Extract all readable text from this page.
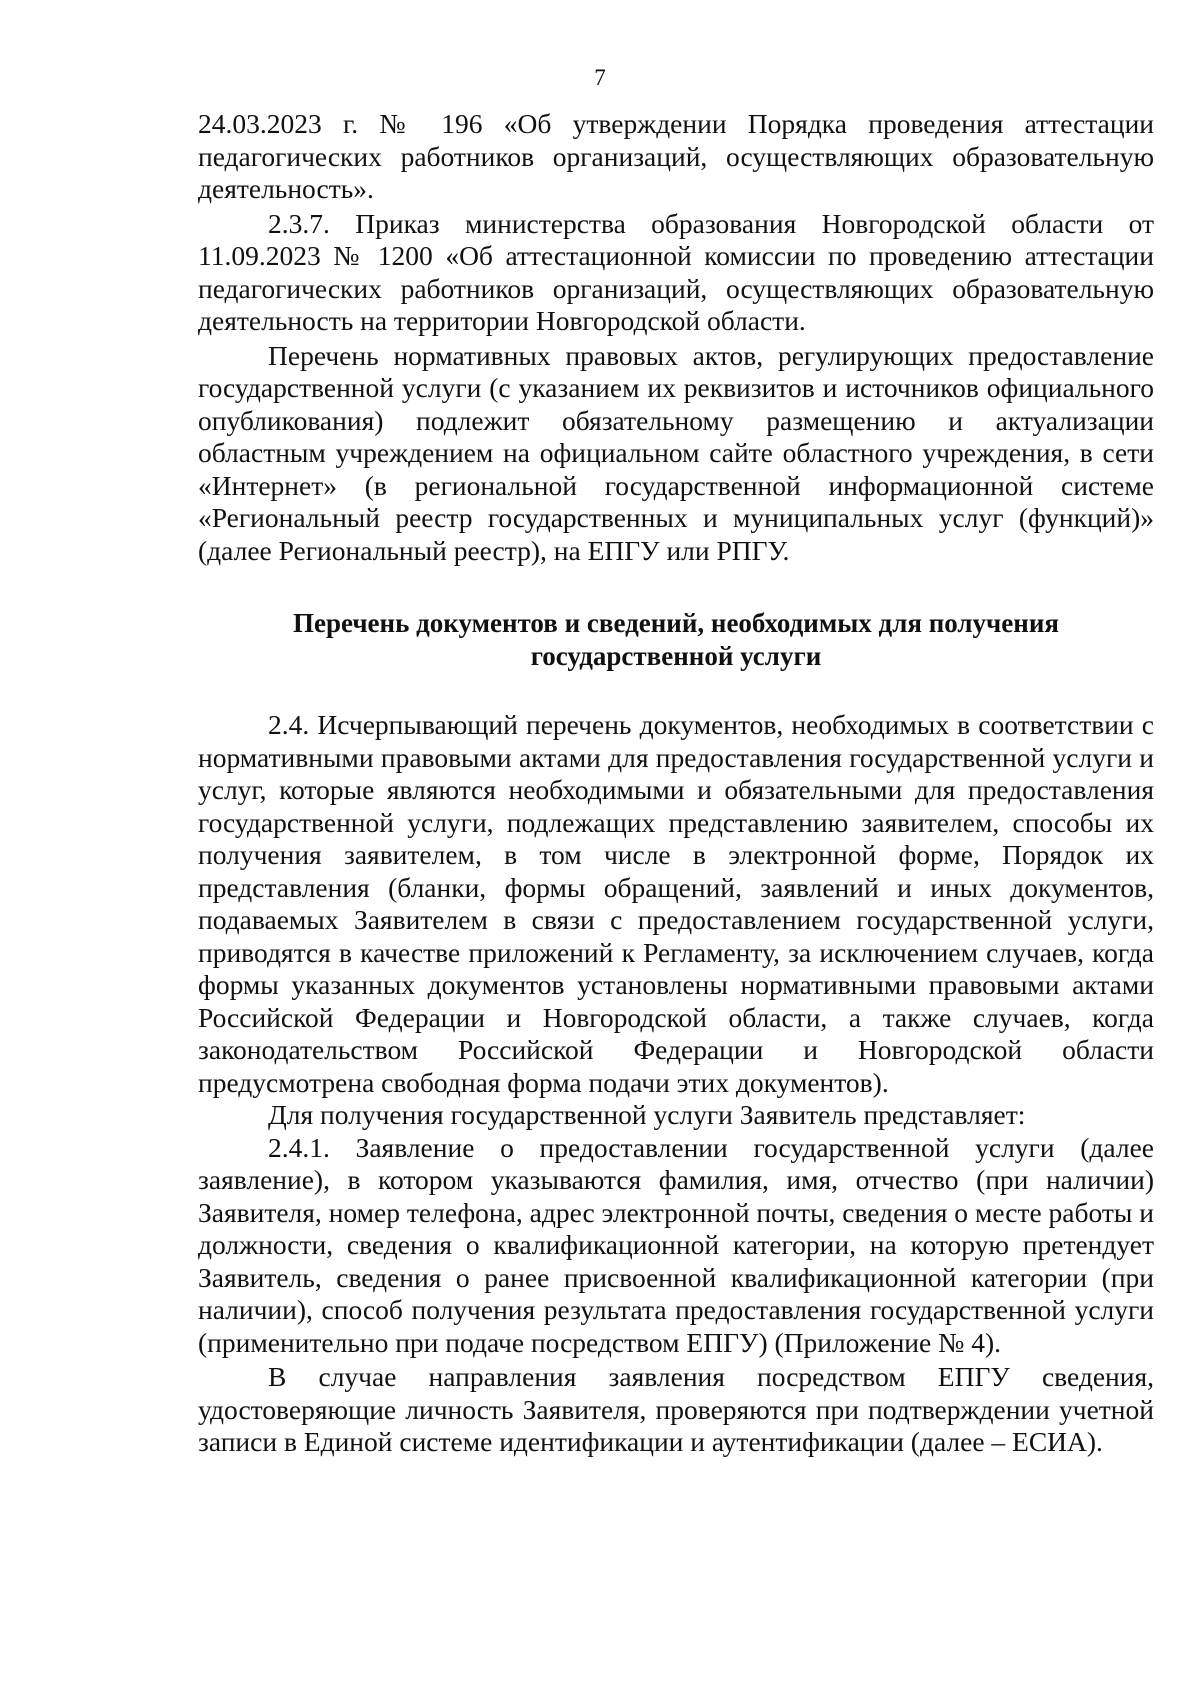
7

24.03.2023 г. № 196 «Об утверждении Порядка проведения аттестации педагогических работников организаций, осуществляющих образовательную деятельность».

2.3.7. Приказ министерства образования Новгородской области от 11.09.2023 № 1200 «Об аттестационной комиссии по проведению аттестации педагогических работников организаций, осуществляющих образовательную деятельность на территории Новгородской области.

Перечень нормативных правовых актов, регулирующих предоставление государственной услуги (с указанием их реквизитов и источников официального опубликования) подлежит обязательному размещению и актуализации областным учреждением на официальном сайте областного учреждения, в сети «Интернет» (в региональной государственной информационной системе «Региональный реестр государственных и муниципальных услуг (функций)» (далее Региональный реестр), на ЕПГУ или РПГУ.

Перечень документов и сведений, необходимых для получения
государственной услуги

2.4. Исчерпывающий перечень документов, необходимых в соответствии с нормативными правовыми актами для предоставления государственной услуги и услуг, которые являются необходимыми и обязательными для предоставления государственной услуги, подлежащих представлению заявителем, способы их получения заявителем, в том числе в электронной форме, Порядок их представления (бланки, формы обращений, заявлений и иных документов, подаваемых Заявителем в связи с предоставлением государственной услуги, приводятся в качестве приложений к Регламенту, за исключением случаев, когда формы указанных документов установлены нормативными правовыми актами Российской Федерации и Новгородской области, а также случаев, когда законодательством Российской Федерации и Новгородской области предусмотрена свободная форма подачи этих документов).

Для получения государственной услуги Заявитель представляет:

2.4.1. Заявление о предоставлении государственной услуги (далее заявление), в котором указываются фамилия, имя, отчество (при наличии) Заявителя, номер телефона, адрес электронной почты, сведения о месте работы и должности, сведения о квалификационной категории, на которую претендует Заявитель, сведения о ранее присвоенной квалификационной категории (при наличии), способ получения результата предоставления государственной услуги (применительно при подаче посредством ЕПГУ) (Приложение № 4).

В случае направления заявления посредством ЕПГУ сведения, удостоверяющие личность Заявителя, проверяются при подтверждении учетной записи в Единой системе идентификации и аутентификации (далее – ЕСИА).
